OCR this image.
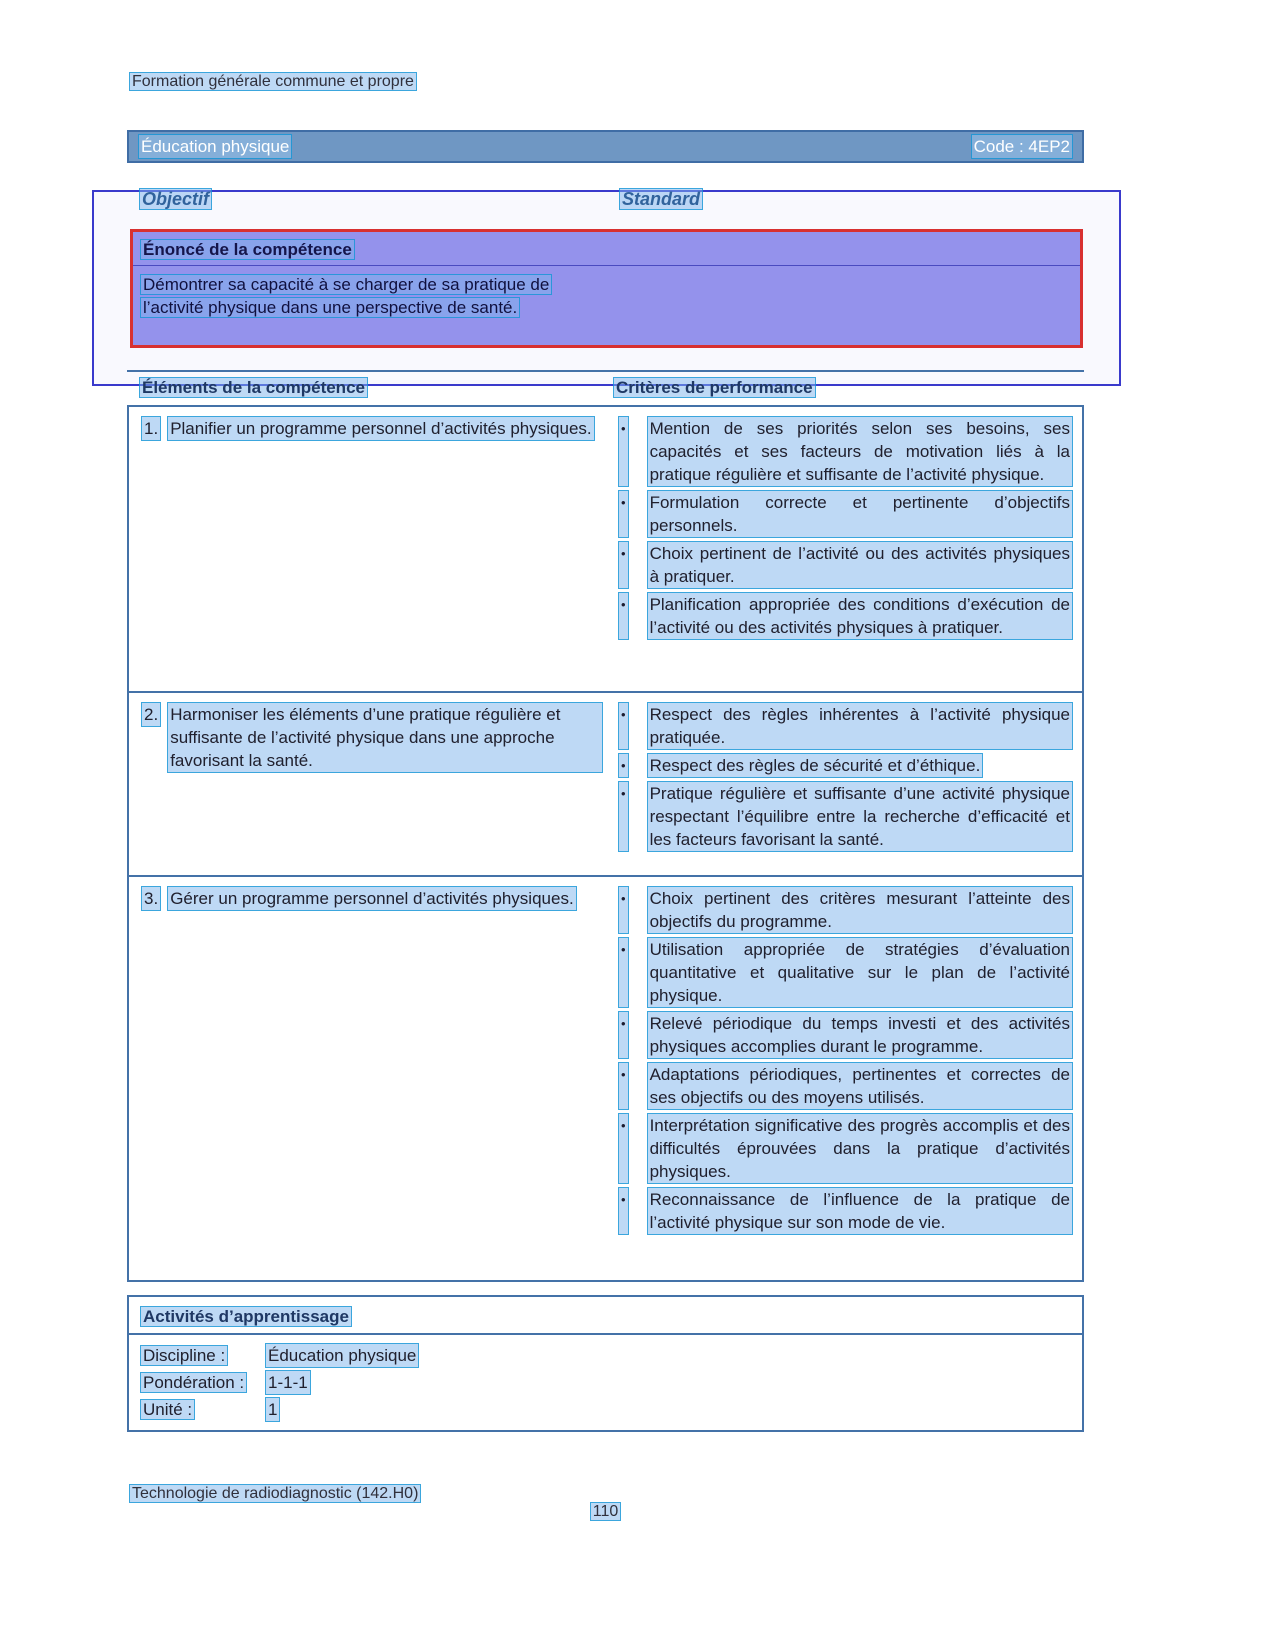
Formation générale commune et propre
Éducation physique	Code : 4EP2
Objectif	Standard
Énoncé de la compétence
Démontrer sa capacité à se charger de sa pratique de l’activité physique dans une perspective de santé.
Éléments de la compétence	Critères de performance
1. Planifier un programme personnel d’activités physiques. • Mention de ses priorités selon ses besoins, ses capacités et ses facteurs de motivation liés à la pratique régulière et suffisante de l’activité physique.
• Formulation correcte et pertinente d’objectifs personnels.
• Choix pertinent de l’activité ou des activités physiques à pratiquer.
• Planification appropriée des conditions d’exécution de l’activité ou des activités physiques à pratiquer.
2. Harmoniser les éléments d’une pratique régulière et suffisante de l’activité physique dans une approche favorisant la santé.
• Respect des règles inhérentes à l’activité physique pratiquée.
• Respect des règles de sécurité et d’éthique.
• Pratique régulière et suffisante d’une activité physique respectant l’équilibre entre la recherche d’efficacité et les facteurs favorisant la santé.
3. Gérer un programme personnel d’activités physiques.	• Choix pertinent des critères mesurant l’atteinte des objectifs du programme.
• Utilisation appropriée de stratégies d’évaluation quantitative et qualitative sur le plan de l’activité physique.
• Relevé périodique du temps investi et des activités physiques accomplies durant le programme.
• Adaptations périodiques, pertinentes et correctes de ses objectifs ou des moyens utilisés.
• Interprétation significative des progrès accomplis et des difficultés éprouvées dans la pratique d’activités physiques.
• Reconnaissance de l’influence de la pratique de l’activité physique sur son mode de vie.
Activités d’apprentissage
Discipline :	Éducation physique
Pondération :	1-1-1
Unité :	1
Technologie de radiodiagnostic (142.H0)
110
